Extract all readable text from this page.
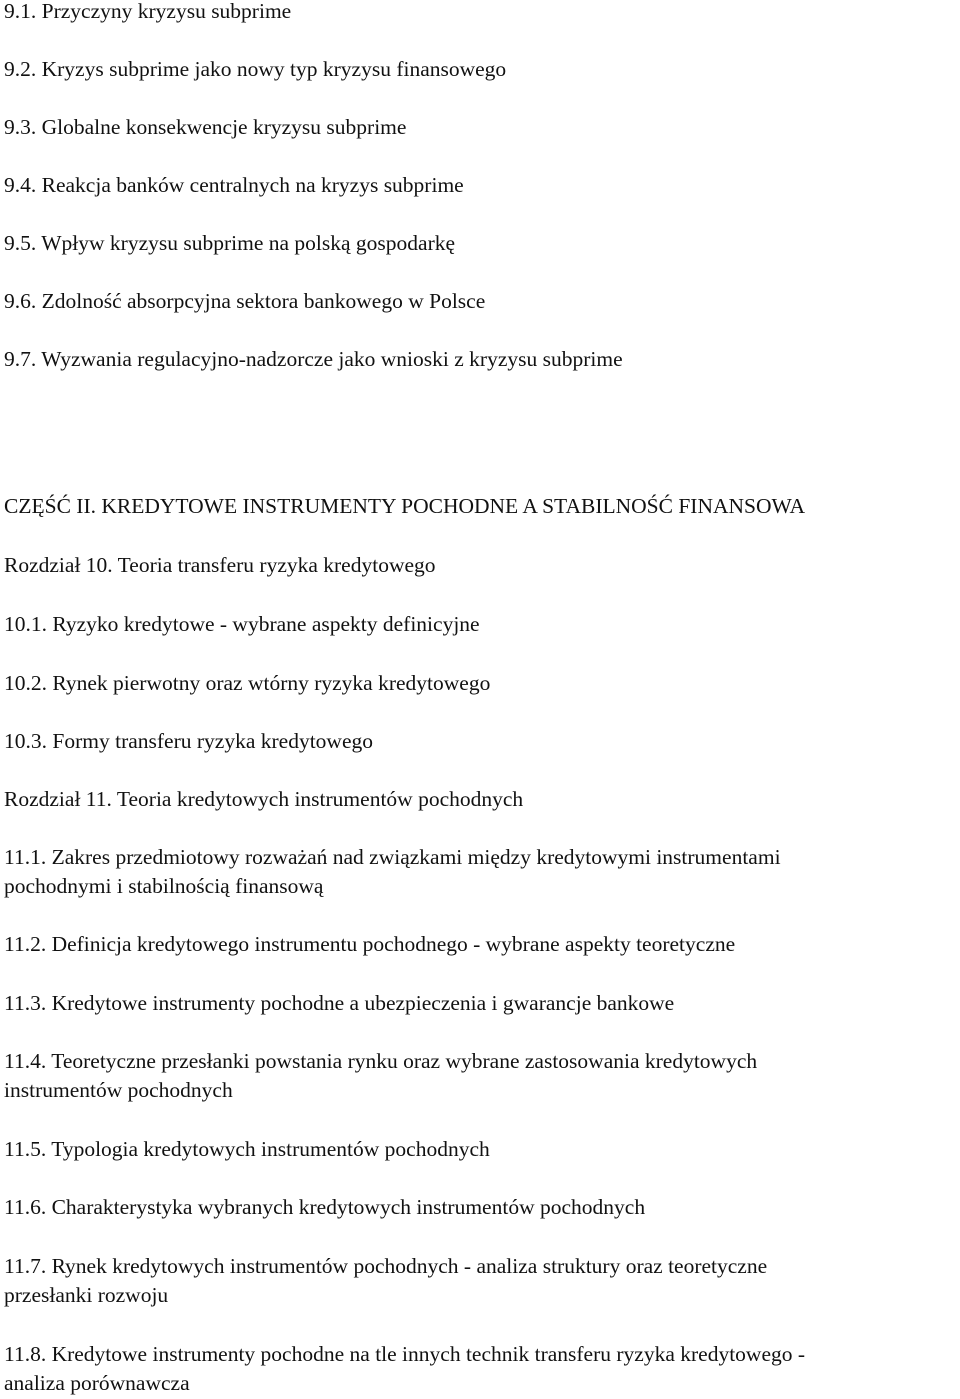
9.1. Przyczyny kryzysu subprime
9.2. Kryzys subprime jako nowy typ kryzysu finansowego
9.3. Globalne konsekwencje kryzysu subprime
9.4. Reakcja banków centralnych na kryzys subprime
9.5. Wpływ kryzysu subprime na polską gospodarkę
9.6. Zdolność absorpcyjna sektora bankowego w Polsce
9.7. Wyzwania regulacyjno-nadzorcze jako wnioski z kryzysu subprime
CZĘŚĆ II. KREDYTOWE INSTRUMENTY POCHODNE A STABILNOŚĆ FINANSOWA
Rozdział 10. Teoria transferu ryzyka kredytowego
10.1. Ryzyko kredytowe - wybrane aspekty definicyjne
10.2. Rynek pierwotny oraz wtórny ryzyka kredytowego
10.3. Formy transferu ryzyka kredytowego
Rozdział 11. Teoria kredytowych instrumentów pochodnych
11.1. Zakres przedmiotowy rozważań nad związkami między kredytowymi instrumentami
pochodnymi i stabilnością finansową
11.2. Definicja kredytowego instrumentu pochodnego - wybrane aspekty teoretyczne
11.3. Kredytowe instrumenty pochodne a ubezpieczenia i gwarancje bankowe
11.4. Teoretyczne przesłanki powstania rynku oraz wybrane zastosowania kredytowych
instrumentów pochodnych
11.5. Typologia kredytowych instrumentów pochodnych
11.6. Charakterystyka wybranych kredytowych instrumentów pochodnych
11.7. Rynek kredytowych instrumentów pochodnych - analiza struktury oraz teoretyczne
przesłanki rozwoju
11.8. Kredytowe instrumenty pochodne na tle innych technik transferu ryzyka kredytowego -
analiza porównawcza
